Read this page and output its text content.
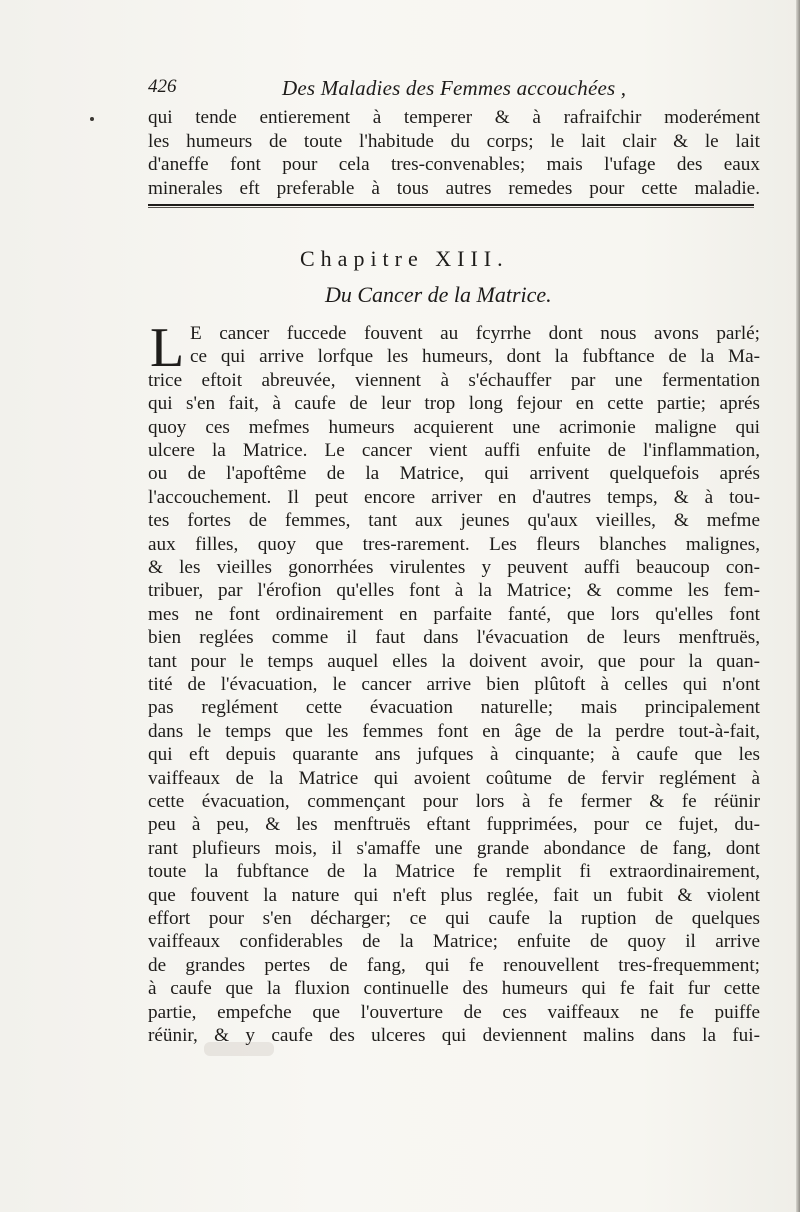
426	Des Maladies des Femmes accouchées ,
qui tende entierement à temperer & à rafraifchir moderément
les humeurs de toute l'habitude du corps; le lait clair & le lait
d'aneffe font pour cela tres-convenables; mais l'ufage des eaux
minerales eft preferable à tous autres remedes pour cette maladie.
Chapitre XIII.
Du Cancer de la Matrice.
L E cancer fuccede fouvent au fcyrrhe dont nous avons parlé;
ce qui arrive lorfque les humeurs, dont la fubftance de la Ma-
trice eftoit abreuvée, viennent à s'échauffer par une fermentation
qui s'en fait, à caufe de leur trop long fejour en cette partie; aprés
quoy ces mefmes humeurs acquierent une acrimonie maligne qui
ulcere la Matrice. Le cancer vient auffi enfuite de l'inflammation,
ou de l'apoftême de la Matrice, qui arrivent quelquefois aprés
l'accouchement. Il peut encore arriver en d'autres temps, & à tou-
tes fortes de femmes, tant aux jeunes qu'aux vieilles, & mefme
aux filles, quoy que tres-rarement. Les fleurs blanches malignes,
& les vieilles gonorrhées virulentes y peuvent auffi beaucoup con-
tribuer, par l'érofion qu'elles font à la Matrice; & comme les fem-
mes ne font ordinairement en parfaite fanté, que lors qu'elles font
bien reglées comme il faut dans l'évacuation de leurs menftruës,
tant pour le temps auquel elles la doivent avoir, que pour la quan-
tité de l'évacuation, le cancer arrive bien plûtoft à celles qui n'ont
pas reglément cette évacuation naturelle; mais principalement
dans le temps que les femmes font en âge de la perdre tout-à-fait,
qui eft depuis quarante ans jufques à cinquante; à caufe que les
vaiffeaux de la Matrice qui avoient coûtume de fervir reglément à
cette évacuation, commençant pour lors à fe fermer & fe réünir
peu à peu, & les menftruës eftant fupprimées, pour ce fujet, du-
rant plufieurs mois, il s'amaffe une grande abondance de fang, dont
toute la fubftance de la Matrice fe remplit fi extraordinairement,
que fouvent la nature qui n'eft plus reglée, fait un fubit & violent
effort pour s'en décharger; ce qui caufe la ruption de quelques
vaiffeaux confiderables de la Matrice; enfuite de quoy il arrive
de grandes pertes de fang, qui fe renouvellent tres-frequemment;
à caufe que la fluxion continuelle des humeurs qui fe fait fur cette
partie, empefche que l'ouverture de ces vaiffeaux ne fe puiffe
réünir, & y caufe des ulceres qui deviennent malins dans la fui-
